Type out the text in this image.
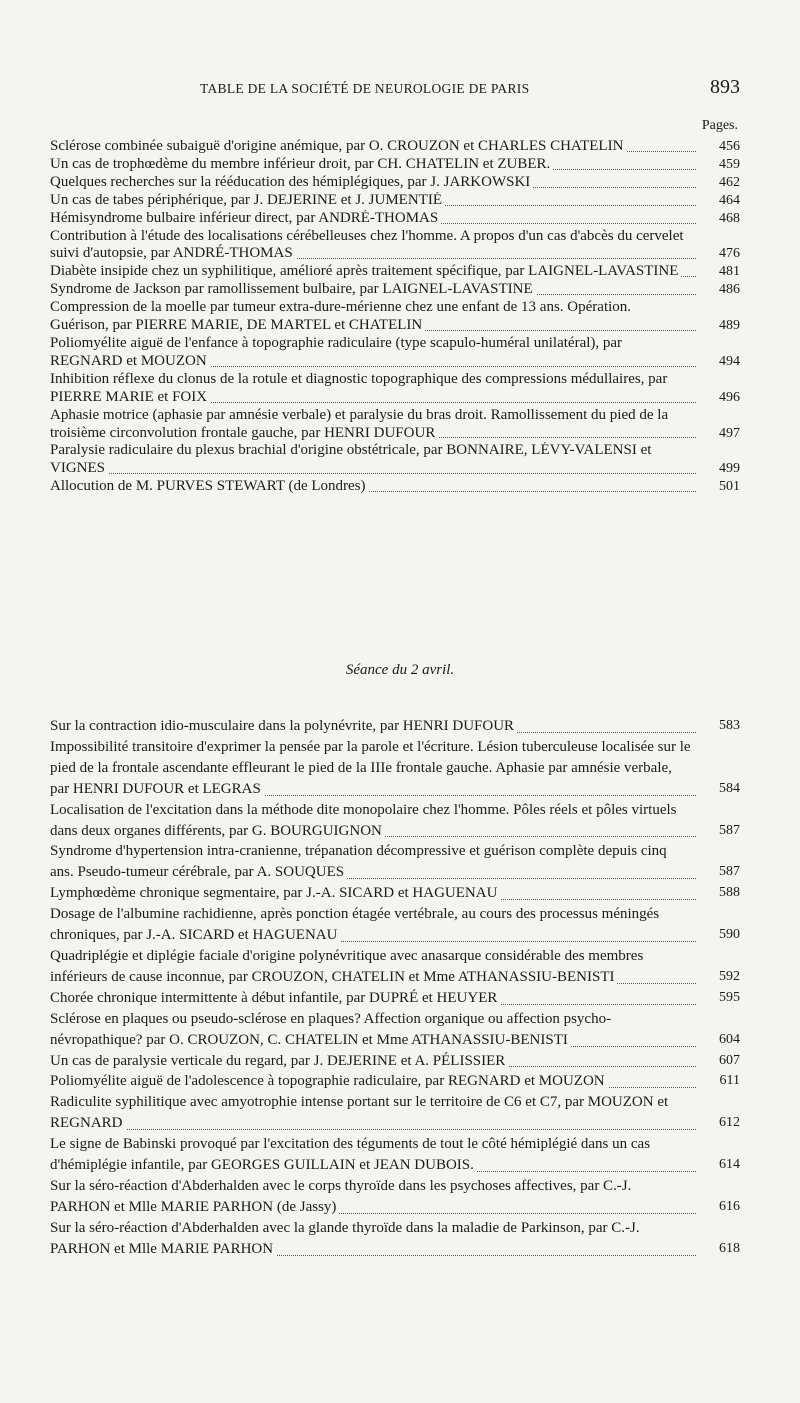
TABLE DE LA SOCIÉTÉ DE NEUROLOGIE DE PARIS	893
Pages.
Sclérose combinée subaiguë d'origine anémique, par O. CROUZON et CHARLES CHATELIN	456
Un cas de trophœdème du membre inférieur droit, par CH. CHATELIN et ZUBER.	459
Quelques recherches sur la rééducation des hémiplégiques, par J. JARKOWSKI	462
Un cas de tabes périphérique, par J. DEJERINE et J. JUMENTIÉ	464
Hémisyndrome bulbaire inférieur direct, par ANDRÉ-THOMAS	468
Contribution à l'étude des localisations cérébelleuses chez l'homme. A propos d'un cas d'abcès du cervelet suivi d'autopsie, par ANDRÉ-THOMAS	476
Diabète insipide chez un syphilitique, amélioré après traitement spécifique, par LAIGNEL-LAVASTINE	481
Syndrome de Jackson par ramollissement bulbaire, par LAIGNEL-LAVASTINE	486
Compression de la moelle par tumeur extra-dure-mérienne chez une enfant de 13 ans. Opération. Guérison, par PIERRE MARIE, DE MARTEL et CHATELIN	489
Poliomyélite aiguë de l'enfance à topographie radiculaire (type scapulo-huméral unilatéral), par REGNARD et MOUZON	494
Inhibition réflexe du clonus de la rotule et diagnostic topographique des compressions médullaires, par PIERRE MARIE et FOIX	496
Aphasie motrice (aphasie par amnésie verbale) et paralysie du bras droit. Ramollissement du pied de la troisième circonvolution frontale gauche, par HENRI DUFOUR	497
Paralysie radiculaire du plexus brachial d'origine obstétricale, par BONNAIRE, LÉVY-VALENSI et VIGNES	499
Allocution de M. PURVES STEWART (de Londres)	501
Séance du 2 avril.
Sur la contraction idio-musculaire dans la polynévrite, par HENRI DUFOUR	583
Impossibilité transitoire d'exprimer la pensée par la parole et l'écriture. Lésion tuberculeuse localisée sur le pied de la frontale ascendante effleurant le pied de la IIIe frontale gauche. Aphasie par amnésie verbale, par HENRI DUFOUR et LEGRAS	584
Localisation de l'excitation dans la méthode dite monopolaire chez l'homme. Pôles réels et pôles virtuels dans deux organes différents, par G. BOURGUIGNON	587
Syndrome d'hypertension intra-cranienne, trépanation décompressive et guérison complète depuis cinq ans. Pseudo-tumeur cérébrale, par A. SOUQUES	587
Lymphœdème chronique segmentaire, par J.-A. SICARD et HAGUENAU	588
Dosage de l'albumine rachidienne, après ponction étagée vertébrale, au cours des processus méningés chroniques, par J.-A. SICARD et HAGUENAU	590
Quadriplégie et diplégie faciale d'origine polynévritique avec anasarque considérable des membres inférieurs de cause inconnue, par CROUZON, CHATELIN et Mme ATHANASSIU-BENISTI	592
Chorée chronique intermittente à début infantile, par DUPRÉ et HEUYER	595
Sclérose en plaques ou pseudo-sclérose en plaques? Affection organique ou affection psycho-névropathique? par O. CROUZON, C. CHATELIN et Mme ATHANASSIU-BENISTI	604
Un cas de paralysie verticale du regard, par J. DEJERINE et A. PÉLISSIER	607
Poliomyélite aiguë de l'adolescence à topographie radiculaire, par REGNARD et MOUZON	611
Radiculite syphilitique avec amyotrophie intense portant sur le territoire de C6 et C7, par MOUZON et REGNARD	612
Le signe de Babinski provoqué par l'excitation des téguments de tout le côté hémiplégié dans un cas d'hémiplégie infantile, par GEORGES GUILLAIN et JEAN DUBOIS.	614
Sur la séro-réaction d'Abderhalden avec le corps thyroïde dans les psychoses affectives, par C.-J. PARHON et Mlle MARIE PARHON (de Jassy)	616
Sur la séro-réaction d'Abderhalden avec la glande thyroïde dans la maladie de Parkinson, par C.-J. PARHON et Mlle MARIE PARHON	618
